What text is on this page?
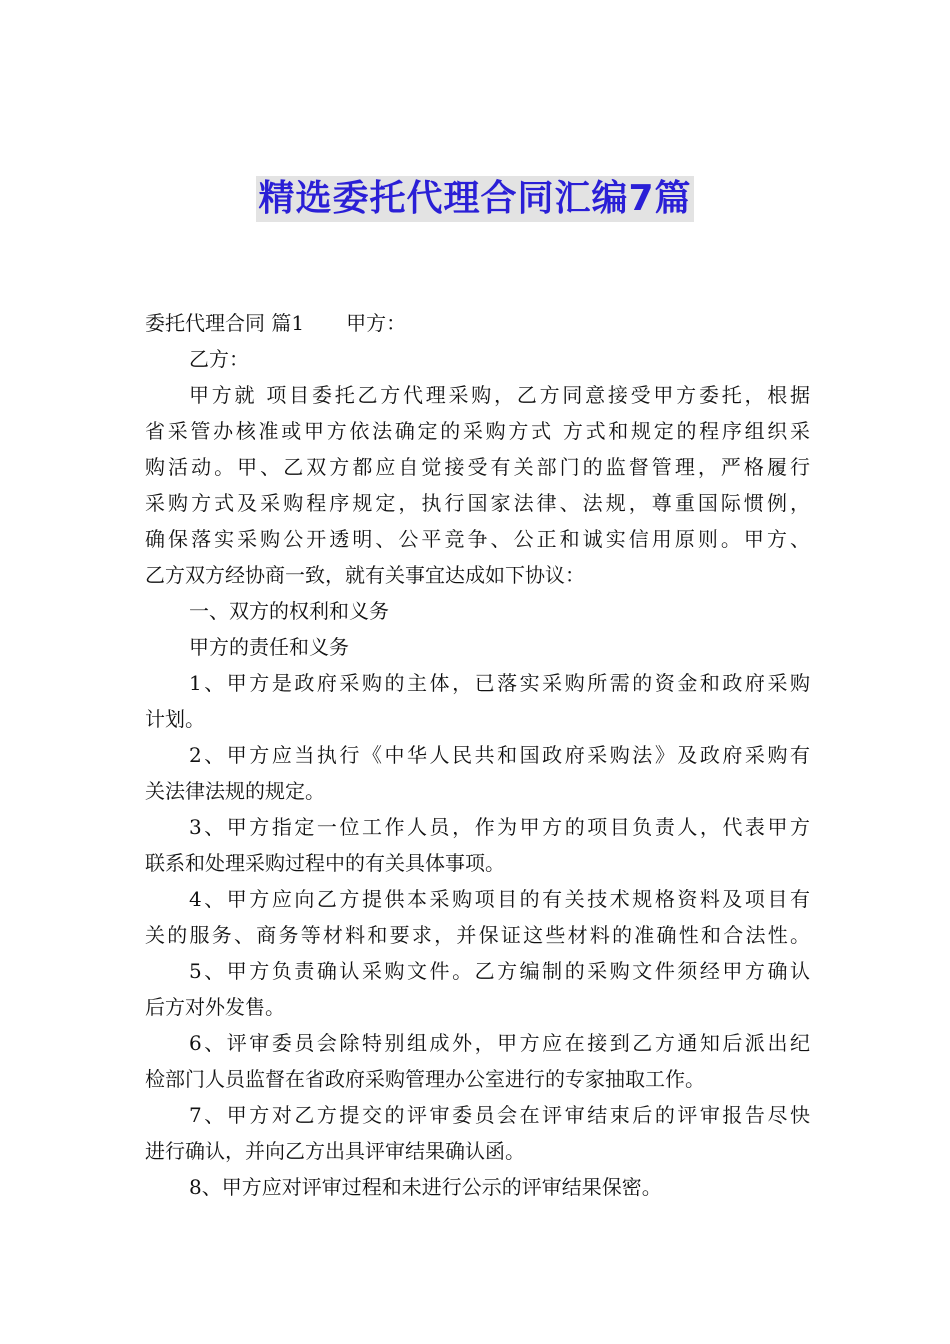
精选委托代理合同汇编7篇
委托代理合同 篇1 甲方：
乙方：
甲方就 项目委托乙方代理采购，乙方同意接受甲方委托，根据
省采管办核准或甲方依法确定的采购方式 方式和规定的程序组织采
购活动。甲、乙双方都应自觉接受有关部门的监督管理，严格履行
采购方式及采购程序规定，执行国家法律、法规，尊重国际惯例，
确保落实采购公开透明、公平竞争、公正和诚实信用原则。甲方、
乙方双方经协商一致，就有关事宜达成如下协议：
一、双方的权利和义务
甲方的责任和义务
1、甲方是政府采购的主体，已落实采购所需的资金和政府采购
计划。
2、甲方应当执行《中华人民共和国政府采购法》及政府采购有
关法律法规的规定。
3、甲方指定一位工作人员，作为甲方的项目负责人，代表甲方
联系和处理采购过程中的有关具体事项。
4、甲方应向乙方提供本采购项目的有关技术规格资料及项目有
关的服务、商务等材料和要求，并保证这些材料的准确性和合法性。
5、甲方负责确认采购文件。乙方编制的采购文件须经甲方确认
后方对外发售。
6、评审委员会除特别组成外，甲方应在接到乙方通知后派出纪
检部门人员监督在省政府采购管理办公室进行的专家抽取工作。
7、甲方对乙方提交的评审委员会在评审结束后的评审报告尽快
进行确认，并向乙方出具评审结果确认函。
8、甲方应对评审过程和未进行公示的评审结果保密。
